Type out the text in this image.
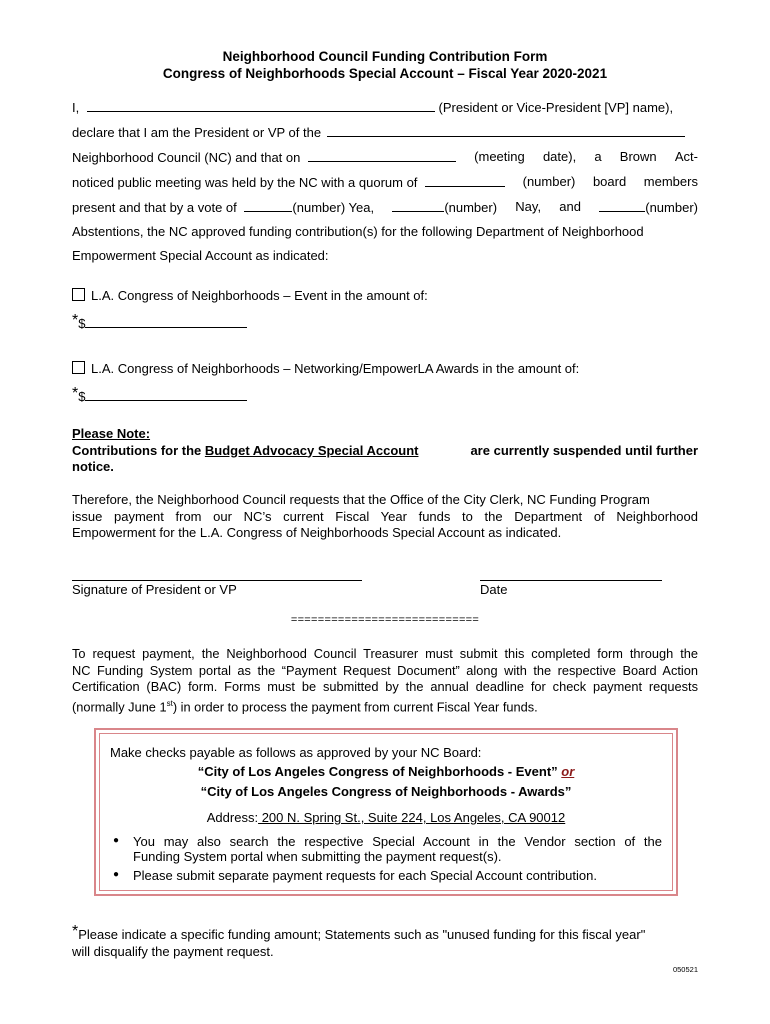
Neighborhood Council Funding Contribution Form
Congress of Neighborhoods Special Account – Fiscal Year 2020-2021
I,	(President or Vice-President [VP] name),
declare that I am the President or VP of the
Neighborhood Council (NC) and that on	(meeting date), a Brown Act-
noticed public meeting was held by the NC with a quorum of	(number) board members
present and that by a vote of	(number) Yea,	(number) Nay, and	(number)
Abstentions, the NC approved funding contribution(s) for the following Department of Neighborhood
Empowerment Special Account as indicated:
L.A. Congress of Neighborhoods – Event in the amount of:
*$
L.A. Congress of Neighborhoods – Networking/EmpowerLA Awards in the amount of:
*$
Please Note:
Contributions for the Budget Advocacy Special Account	are currently suspended until further
notice.
Therefore, the Neighborhood Council requests that the Office of the City Clerk, NC Funding Program
issue payment from our NC’s current Fiscal Year funds to the Department of Neighborhood
Empowerment for the L.A. Congress of Neighborhoods Special Account as indicated.
Signature of President or VP	Date
============================
To request payment, the Neighborhood Council Treasurer must submit this completed form through the
NC Funding System portal as the “Payment Request Document” along with the respective Board Action
Certification (BAC) form. Forms must be submitted by the annual deadline for check payment requests
(normally June 1st) in order to process the payment from current Fiscal Year funds.
Make checks payable as follows as approved by your NC Board:
“City of Los Angeles Congress of Neighborhoods - Event” or
“City of Los Angeles Congress of Neighborhoods - Awards”
Address: 200 N. Spring St., Suite 224, Los Angeles, CA 90012
● You may also search the respective Special Account in the Vendor section of the
Funding System portal when submitting the payment request(s).
● Please submit separate payment requests for each Special Account contribution.
*Please indicate a specific funding amount; Statements such as "unused funding for this fiscal year"
will disqualify the payment request.
050521
